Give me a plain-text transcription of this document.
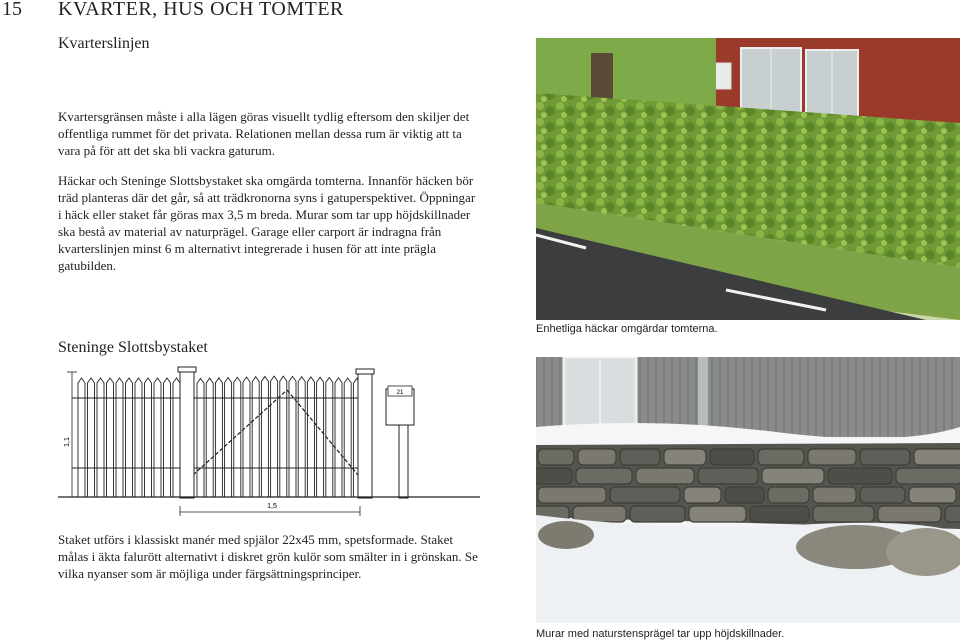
15 KVARTER, HUS OCH TOMTER
Kvarterslinjen
Kvartersgränsen måste i alla lägen göras visuellt tydlig eftersom den skiljer det offentliga rummet för det privata. Relationen mellan dessa rum är viktig att ta vara på för att det ska bli vackra gaturum.
Häckar och Steninge Slottsbystaket ska omgärda tomterna. Innanför häcken bör träd planteras där det går, så att trädkronorna syns i gatuperspektivet. Öppningar i häck eller staket får göras max 3,5 m breda. Murar som tar upp höjdskillnader ska bestå av material av naturprägel. Garage eller carport är indragna från kvarterslinjen minst 6 m alternativt integrerade i husen för att inte prägla gatubilden.
Steninge Slottsbystaket
21
1,1
1,5
Staket utförs i klassiskt manér med spjälor 22x45 mm, spetsformade. Staket målas i äkta falurött alternativt i diskret grön kulör som smälter in i grönskan. Se vilka nyanser som är möjliga under färgsättningsprinciper.
Enhetliga häckar omgärdar tomterna.
Murar med naturstensprägel tar upp höjdskillnader.
